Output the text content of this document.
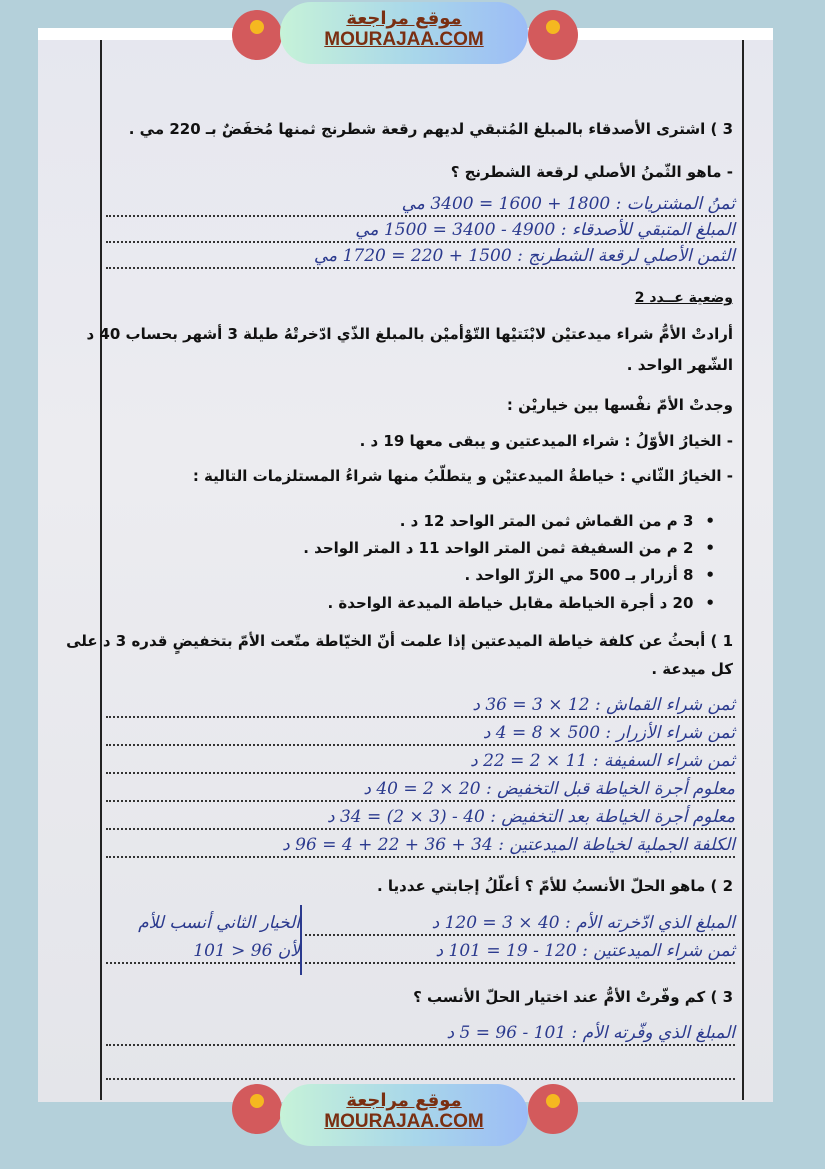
موقع مراجعة
MOURAJAA.COM
3 ) اشترى الأصدقاء بالمبلغ المُتبقي لديهم رقعة شطرنج ثمنها مُخفَضٌ بـ 220 مي .
- ماهو الثّمنُ الأصلي لرقعة الشطرنج ؟
ثمنُ المشتريات : 1800 + 1600 = 3400 مي
المبلغ المتبقي للأصدقاء : 4900 - 3400 = 1500 مي
الثمن الأصلي لرقعة الشطرنج : 1500 + 220 = 1720 مي
وضعية عــدد 2
أرادتْ الأمُّ شراء ميدعتيْن لابْنَتيْها التّوْأميْن بالمبلغ الذّي ادّخرتْهُ طيلة 3 أشهر بحساب 40 د
الشّهر الواحد .
وجدتْ الأمّ نفْسها بين خياريْن :
- الخيارُ الأوّلُ : شراء الميدعتين و يبقى معها 19 د .
- الخيارُ الثّاني : خياطةُ الميدعتيْن و يتطلّبُ منها شراءُ المستلزمات التالية :
• 3 م من القماش ثمن المتر الواحد 12 د .
• 2 م من السفيفة ثمن المتر الواحد 11 د المتر الواحد .
• 8 أزرار بـ 500 مي الزرّ الواحد .
• 20 د أجرة الخياطة مقابل خياطة الميدعة الواحدة .
1 ) أبحثُ عن كلفة خياطة الميدعتين إذا علمت أنّ الخيّاطة متّعت الأمّ بتخفيضٍ قدره 3 د على
كل ميدعة .
ثمن شراء القماش : 12 × 3 = 36 د
ثمن شراء الأزرار : 500 × 8 = 4 د
ثمن شراء السفيفة : 11 × 2 = 22 د
معلوم أجرة الخياطة قبل التخفيض : 20 × 2 = 40 د
معلوم أجرة الخياطة بعد التخفيض : 40 - (3 × 2) = 34 د
الكلفة الجملية لخياطة الميدعتين : 34 + 36 + 22 + 4 = 96 د
2 ) ماهو الحلّ الأنسبُ للأمّ ؟ أعلّلُ إجابتي عدديا .
المبلغ الذي ادّخرته الأم : 40 × 3 = 120 د
ثمن شراء الميدعتين : 120 - 19 = 101 د
الخيار الثاني أنسب للأم
لأن 96 < 101
3 ) كم وفّرتْ الأمُّ عند اختيار الحلّ الأنسب ؟
المبلغ الذي وفّرته الأم : 101 - 96 = 5 د
موقع مراجعة
MOURAJAA.COM
